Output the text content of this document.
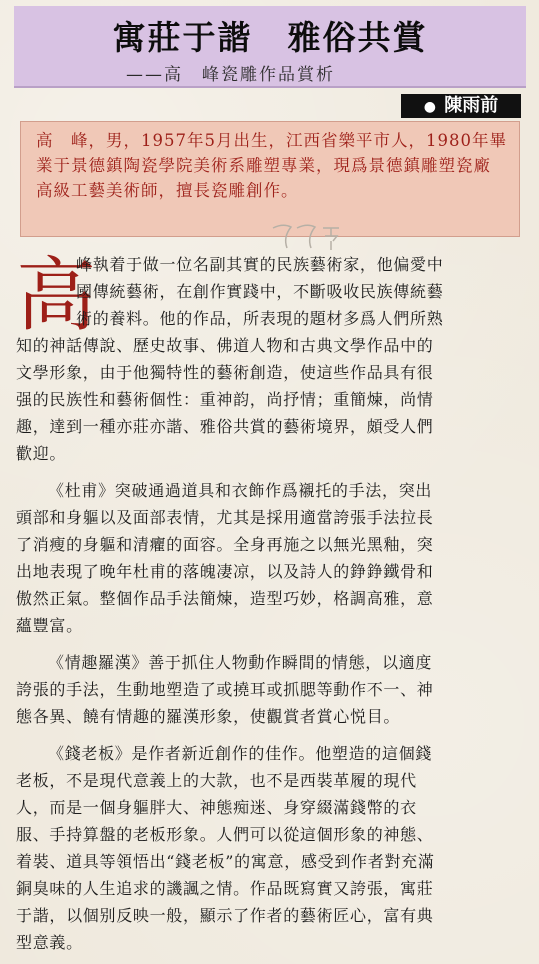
寓莊于諧　雅俗共賞
——高　峰瓷雕作品賞析
● 陳雨前

高　峰，男，1957年5月出生，江西省樂平市人，1980年畢業于景德鎮陶瓷學院美術系雕塑專業，現爲景德鎮雕塑瓷廠高級工藝美術師，擅長瓷雕創作。

高
峰執着于做一位名副其實的民族藝術家，他偏愛中
國傳統藝術，在創作實踐中，不斷吸收民族傳統藝
術的養料。他的作品，所表現的題材多爲人們所熟
知的神話傳說、歷史故事、佛道人物和古典文學作品中的
文學形象，由于他獨特性的藝術創造，使這些作品具有很
强的民族性和藝術個性：重神韵，尚抒情；重簡煉，尚情
趣，達到一種亦莊亦諧、雅俗共賞的藝術境界，頗受人們
歡迎。
《杜甫》突破通過道具和衣飾作爲襯托的手法，突出
頭部和身軀以及面部表情，尤其是採用適當誇張手法拉長
了消瘦的身軀和清癯的面容。全身再施之以無光黑釉，突
出地表現了晚年杜甫的落魄凄凉，以及詩人的錚錚鐵骨和
傲然正氣。整個作品手法簡煉，造型巧妙，格調高雅，意
蘊豐富。
《情趣羅漢》善于抓住人物動作瞬間的情態，以適度
誇張的手法，生動地塑造了或撓耳或抓腮等動作不一、神
態各異、饒有情趣的羅漢形象，使觀賞者賞心悦目。
《錢老板》是作者新近創作的佳作。他塑造的這個錢
老板，不是現代意義上的大款，也不是西裝革履的現代
人，而是一個身軀胖大、神態痴迷、身穿綴滿錢幣的衣
服、手持算盤的老板形象。人們可以從這個形象的神態、
着裝、道具等領悟出“錢老板”的寓意，感受到作者對充滿
銅臭味的人生追求的譏諷之情。作品既寫實又誇張，寓莊
于諧，以個别反映一般，顯示了作者的藝術匠心，富有典
型意義。
